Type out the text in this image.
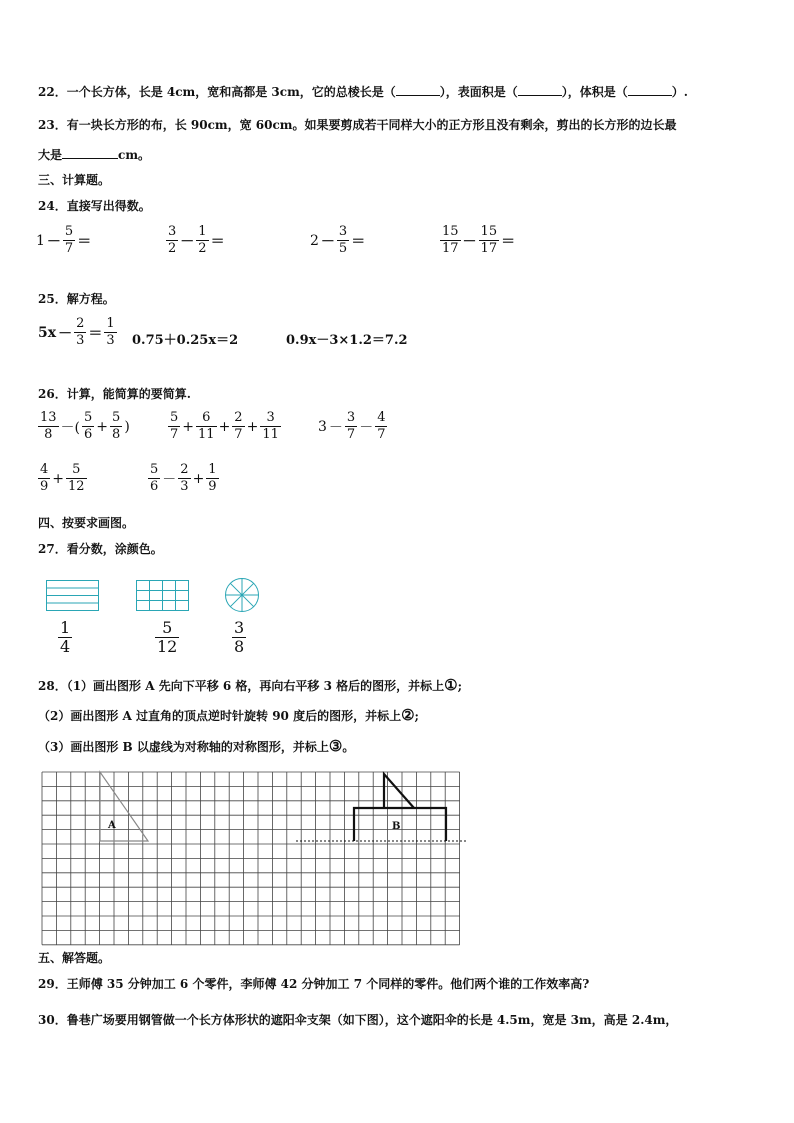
22．一个长方体，长是 4cm，宽和高都是 3cm，它的总棱长是（	），表面积是（	），体积是（	）.
23．有一块长方形的布，长 90cm，宽 60cm。如果要剪成若干同样大小的正方形且没有剩余，剪出的长方形的边长最
大是	cm。
三、计算题。
24．直接写出得数。
$1 - \frac{5}{7}$ ＝	$\frac{3}{2} - \frac{1}{2}$ ＝	$2 - \frac{3}{5}$ ＝	$\frac{15}{17} - \frac{15}{17}$ ＝
25．解方程。
$5x - \frac{2}{3} = \frac{1}{3} 0.75+0.25x=2$	0.9x－3×1.2＝7.2
26．计算，能简算的要简算.
$\frac{13}{8}$ －( $\frac{5}{6} + \frac{5}{8}$ )	$\frac{5}{7} + \frac{6}{11} + \frac{2}{7} + \frac{3}{11}$	$3 - \frac{3}{7} - \frac{4}{7}$
$\frac{4}{9} + \frac{5}{12}$	$\frac{5}{6} - \frac{2}{3} + \frac{1}{9}$
四、按要求画图。
27．看分数，涂颜色。
$\frac{1}{4}$	$\frac{5}{12}$	$\frac{3}{8}$
28．（1）画出图形 A 先向下平移 6 格，再向右平移 3 格后的图形，并标上①;
（2）画出图形 A 过直角的顶点逆时针旋转 90 度后的图形，并标上②;
（3）画出图形 B 以虚线为对称轴的对称图形，并标上③。
A	B
五、解答题。
29．王师傅 35 分钟加工 6 个零件，李师傅 42 分钟加工 7 个同样的零件。他们两个谁的工作效率高?
30．鲁巷广场要用钢管做一个长方体形状的遮阳伞支架（如下图），这个遮阳伞的长是 4.5m，宽是 3m，高是 2.4m，
